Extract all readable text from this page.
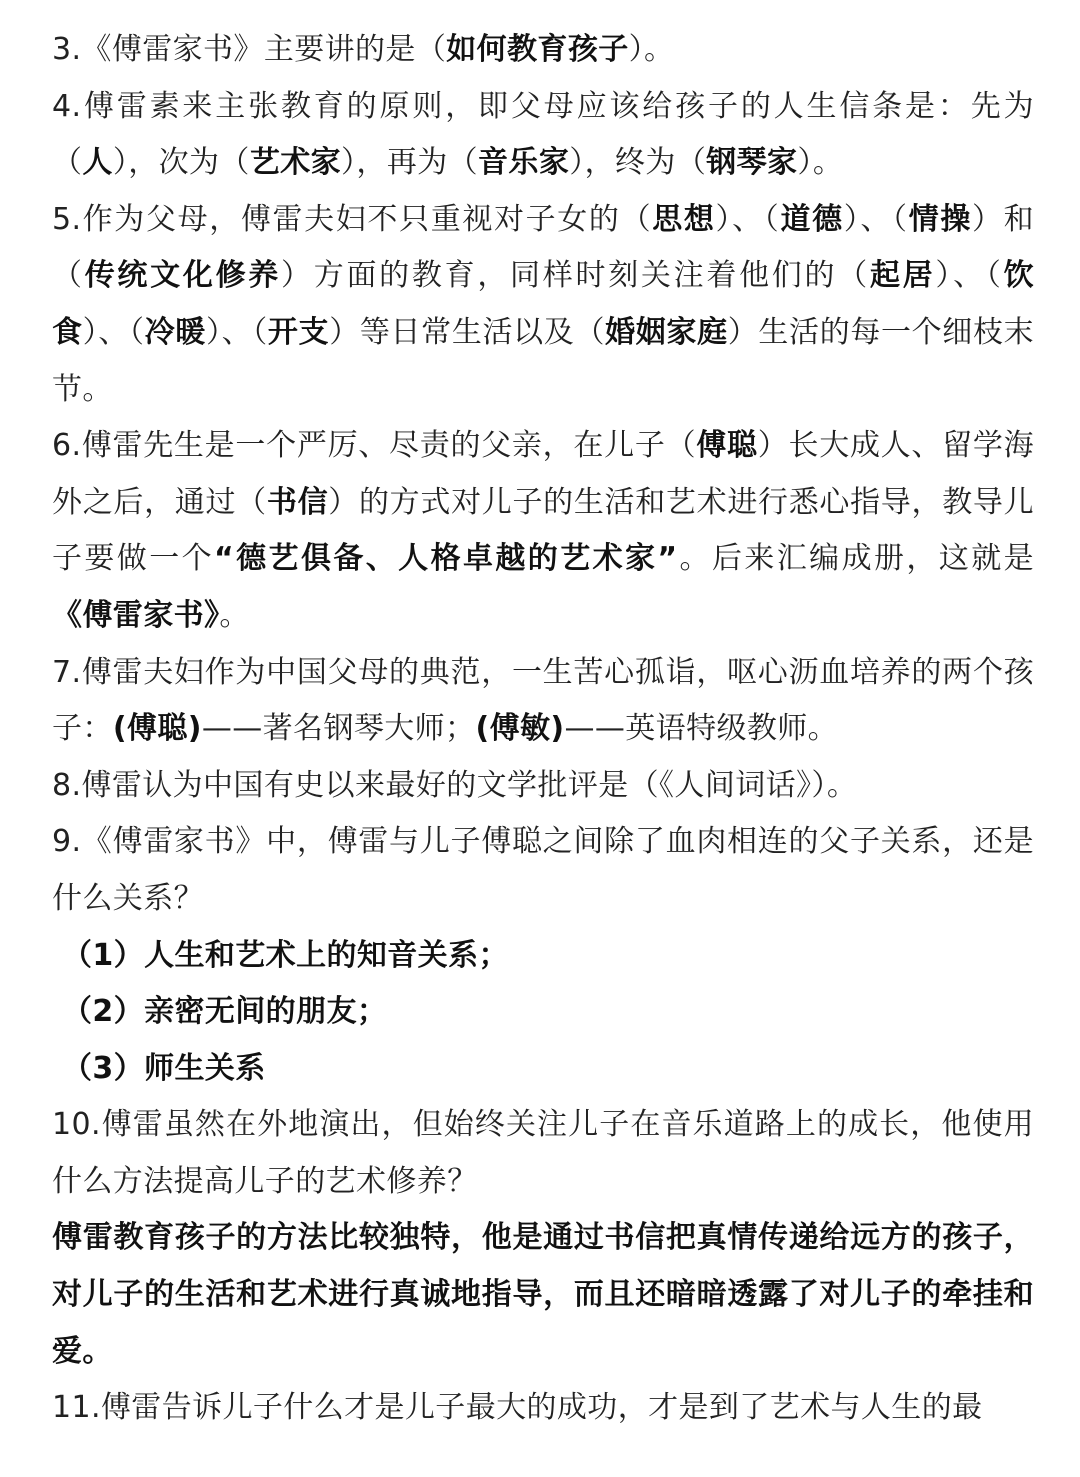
3.《傅雷家书》主要讲的是（如何教育孩子）。

4.傅雷素来主张教育的原则，即父母应该给孩子的人生信条是：先为（人），次为（艺术家），再为（音乐家），终为（钢琴家）。

5.作为父母，傅雷夫妇不只重视对子女的（思想）、（道德）、（情操）和（传统文化修养）方面的教育，同样时刻关注着他们的（起居）、（饮食）、（冷暖）、（开支）等日常生活以及（婚姻家庭）生活的每一个细枝末节。

6.傅雷先生是一个严厉、尽责的父亲，在儿子（傅聪）长大成人、留学海外之后，通过（书信）的方式对儿子的生活和艺术进行悉心指导，教导儿子要做一个“德艺俱备、人格卓越的艺术家”。后来汇编成册，这就是《傅雷家书》。

7.傅雷夫妇作为中国父母的典范，一生苦心孤诣，呕心沥血培养的两个孩子：(傅聪)——著名钢琴大师；(傅敏)——英语特级教师。

8.傅雷认为中国有史以来最好的文学批评是（《人间词话》）。

9.《傅雷家书》中，傅雷与儿子傅聪之间除了血肉相连的父子关系，还是什么关系？

（1）人生和艺术上的知音关系；

（2）亲密无间的朋友；

（3）师生关系

10.傅雷虽然在外地演出，但始终关注儿子在音乐道路上的成长，他使用什么方法提高儿子的艺术修养？

傅雷教育孩子的方法比较独特，他是通过书信把真情传递给远方的孩子，对儿子的生活和艺术进行真诚地指导，而且还暗暗透露了对儿子的牵挂和爱。

11.傅雷告诉儿子什么才是儿子最大的成功，才是到了艺术与人生的最
